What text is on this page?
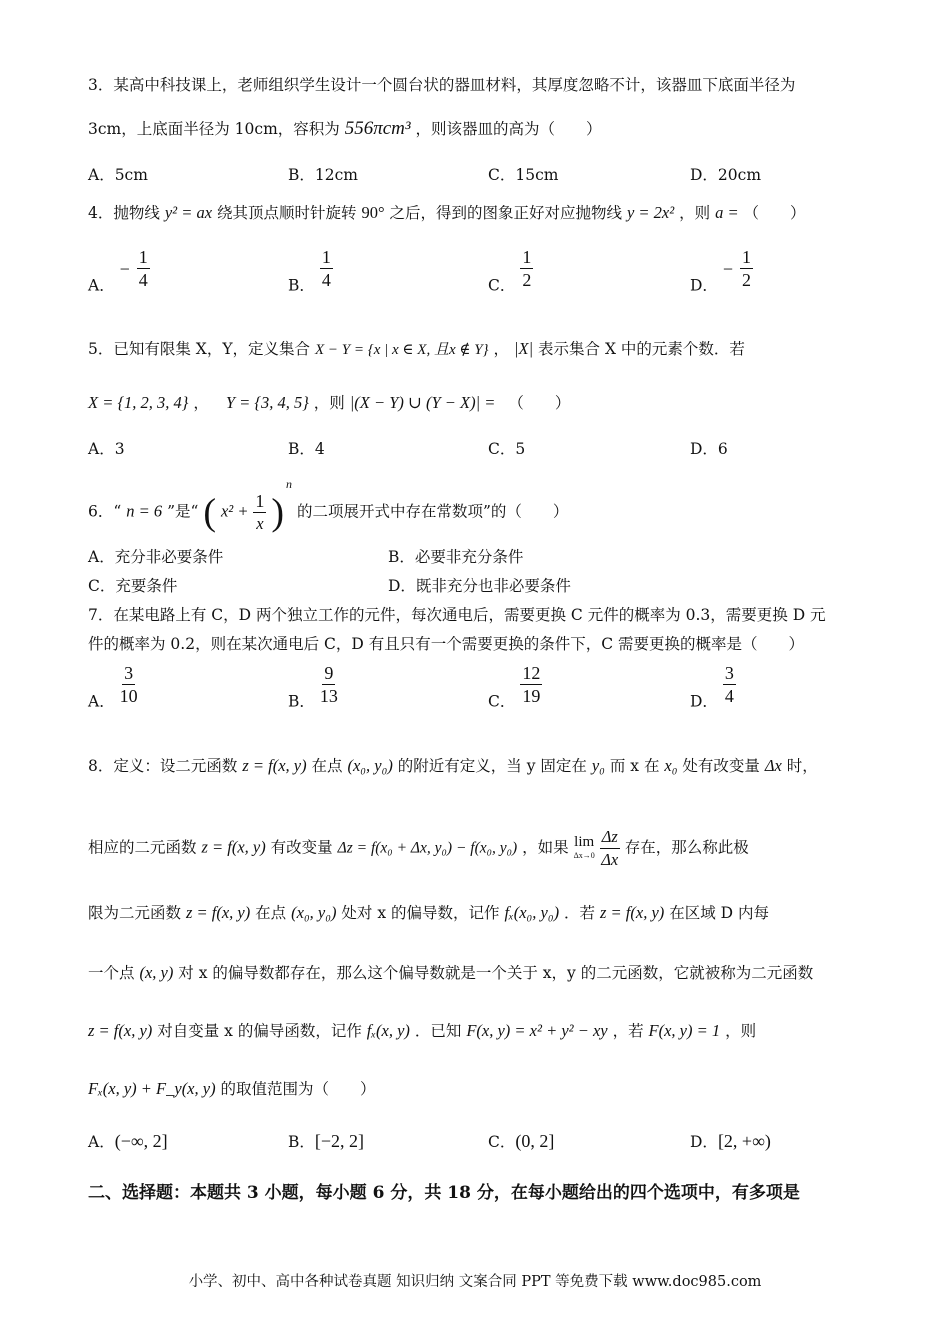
3．某高中科技课上，老师组织学生设计一个圆台状的器皿材料，其厚度忽略不计，该器皿下底面半径为
3cm，上底面半径为 10cm，容积为 556πcm³ ，则该器皿的高为（　　）
A．5cm	B．12cm	C．15cm	D．20cm
4．抛物线 y² = ax 绕其顶点顺时针旋转 90° 之后，得到的图象正好对应抛物线 y = 2x² ，则 a = （　　）
A． − $\frac{1}{4}$	B． $\frac{1}{4}$	C． $\frac{1}{2}$	D． − $\frac{1}{2}$
5．已知有限集 X，Y，定义集合 X − Y = {x | x ∈ X, 且x ∉ Y} ， |X| 表示集合 X 中的元素个数．若
X = {1, 2, 3, 4} ， Y = {3, 4, 5} ，则 |(X − Y) ∪ (Y − X)| = （　　）
A．3	B．4	C．5	D．6
6．“ n = 6 ”是“ ( $x^2 + \frac{1}{x}$ )
n
的二项展开式中存在常数项”的（　　）
A．充分非必要条件	B．必要非充分条件
C．充要条件	D．既非充分也非必要条件
7．在某电路上有 C，D 两个独立工作的元件，每次通电后，需要更换 C 元件的概率为 0.3，需要更换 D 元
件的概率为 0.2，则在某次通电后 C，D 有且只有一个需要更换的条件下，C 需要更换的概率是（　　）
A． $\frac{3}{10}$	B． $\frac{9}{13}$	C． $\frac{12}{19}$	D． $\frac{3}{4}$
8．定义：设二元函数 z = f(x, y) 在点 (x₀, y₀) 的附近有定义，当 y 固定在 y₀ 而 x 在 x₀ 处有改变量 Δx 时，
相应的二元函数 z = f(x, y) 有改变量 Δz = f(x₀ + Δx, y₀) − f(x₀, y₀) ，如果 lim
Δx→0
$\frac{\Delta z}{\Delta x}$ 存在，那么称此极
限为二元函数 z = f(x, y) 在点 (x₀, y₀) 处对 x 的偏导数，记作 fₓ(x₀, y₀) ．若 z = f(x, y) 在区域 D 内每
一个点 (x, y) 对 x 的偏导数都存在，那么这个偏导数就是一个关于 x，y 的二元函数，它就被称为二元函数
z = f(x, y) 对自变量 x 的偏导函数，记作 fₓ(x, y) ．已知 F(x, y) = x² + y² − xy ，若 F(x, y) = 1 ，则
Fₓ(x, y) + F_y(x, y) 的取值范围为（　　）
A．(−∞, 2]	B．[−2, 2]	C．(0, 2]	D．[2, +∞)
二、选择题：本题共 3 小题，每小题 6 分，共 18 分，在每小题给出的四个选项中，有多项是
小学、初中、高中各种试卷真题 知识归纳 文案合同 PPT 等免费下载 www.doc985.com
